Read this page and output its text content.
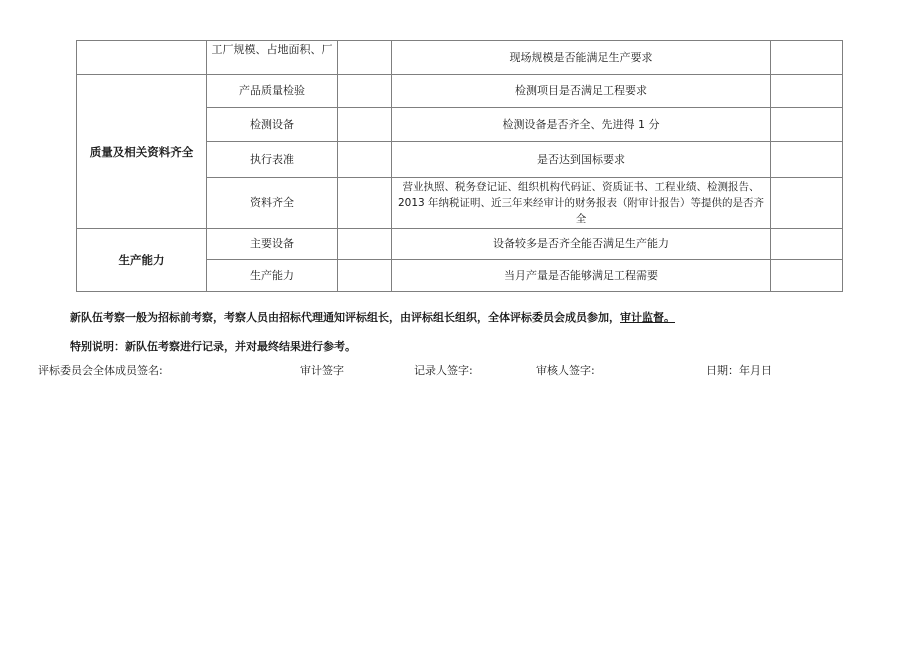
	工厂规模、占地面积、厂		现场规模是否能满足生产要求	
质量及相关资料齐全	产品质量检验		检测项目是否满足工程要求	
	检测设备		检测设备是否齐全、先进得 1 分	
	执行表准		是否达到国标要求	
	资料齐全		营业执照、税务登记证、组织机构代码证、资质证书、工程业绩、检测报告、
2013 年纳税证明、近三年来经审计的财务报表（附审计报告）等提供的是否齐
全	

生产能力	主要设备		设备较多是否齐全能否满足生产能力	
	生产能力		当月产量是否能够满足工程需要	
新队伍考察一般为招标前考察，考察人员由招标代理通知评标组长，由评标组长组织，全体评标委员会成员参加，审计监督。
特别说明：新队伍考察进行记录，并对最终结果进行参考。
评标委员会全体成员签名:	审计签字	记录人签字:	审核人签字:	日期：年月日
